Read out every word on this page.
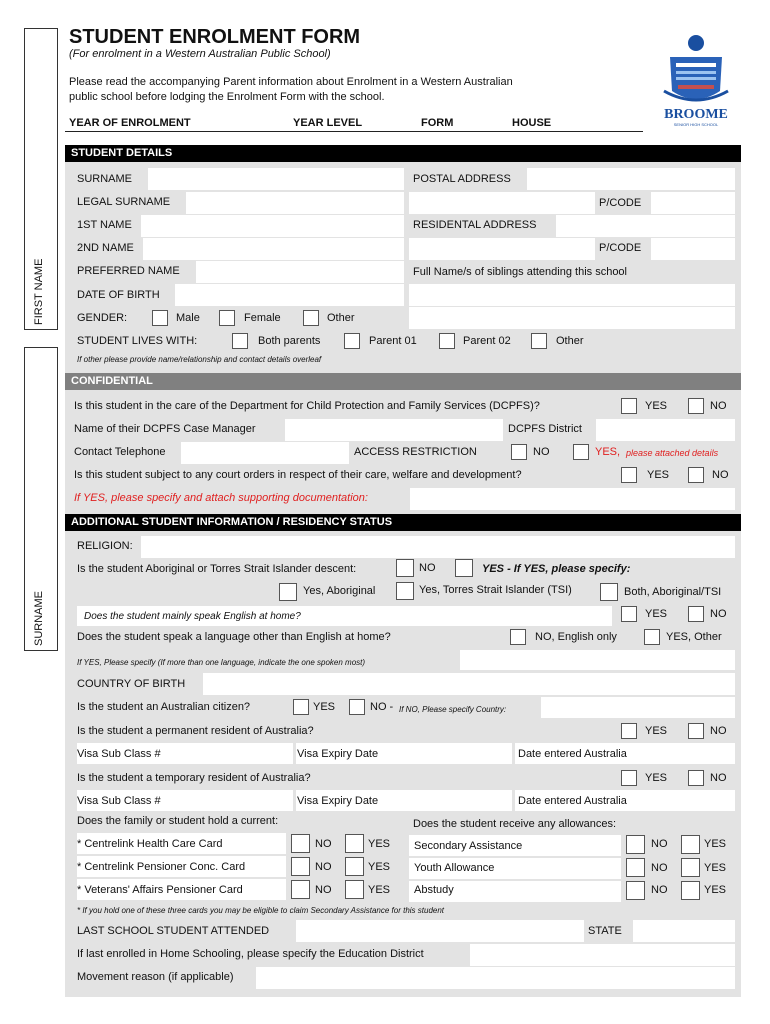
FIRST NAME
SURNAME
STUDENT ENROLMENT FORM
(For enrolment in a Western Australian Public School)
Please read the accompanying Parent information about Enrolment in a Western Australian
public school before lodging the Enrolment Form with the school.
YEAR OF ENROLMENT	YEAR LEVEL	FORM	HOUSE
BROOME
SENIOR HIGH SCHOOL
STUDENT DETAILS
SURNAME
LEGAL SURNAME
1ST NAME
2ND NAME
PREFERRED NAME
DATE OF BIRTH
GENDER:	Male	Female	Other
POSTAL ADDRESS
P/CODE
RESIDENTAL ADDRESS
P/CODE
Full Name/s of siblings attending this school
STUDENT LIVES WITH:	Both parents	Parent 01	Parent 02	Other
If other please provide name/relationship and contact details overleaf
CONFIDENTIAL
Is this student in the care of the Department for Child Protection and Family Services (DCPFS)?	YES	NO
Name of their DCPFS Case Manager	DCPFS District
Contact Telephone	ACCESS RESTRICTION	NO	YES, please attached details
Is this student subject to any court orders in respect of their care, welfare and development?	YES	NO
If YES, please specify and attach supporting documentation:
ADDITIONAL STUDENT INFORMATION / RESIDENCY STATUS
RELIGION:
Is the student Aboriginal or Torres Strait Islander descent:	NO	YES - If YES, please specify:
Yes, Aboriginal	Yes, Torres Strait Islander (TSI)	Both, Aboriginal/TSI
Does the student mainly speak English at home?	YES	NO
Does the student speak a language other than English at home?	NO, English only	YES, Other
If YES, Please specify (If more than one language, indicate the one spoken most)
COUNTRY OF BIRTH
Is the student an Australian citizen?	YES	NO - If NO, Please specify Country:
Is the student a permanent resident of Australia?	YES	NO
Visa Sub Class #	Visa Expiry Date	Date entered Australia
Is the student a temporary resident of Australia?	YES	NO
Visa Sub Class #	Visa Expiry Date	Date entered Australia
Does the family or student hold a current:	Does the student receive any allowances:
* Centrelink Health Care Card	NO	YES
* Centrelink Pensioner Conc. Card	NO	YES
* Veterans' Affairs Pensioner Card	NO	YES
Secondary Assistance	NO	YES
Youth Allowance	NO	YES
Abstudy	NO	YES
* If you hold one of these three cards you may be eligible to claim Secondary Assistance for this student
LAST SCHOOL STUDENT ATTENDED	STATE
If last enrolled in Home Schooling, please specify the Education District
Movement reason (if applicable)
